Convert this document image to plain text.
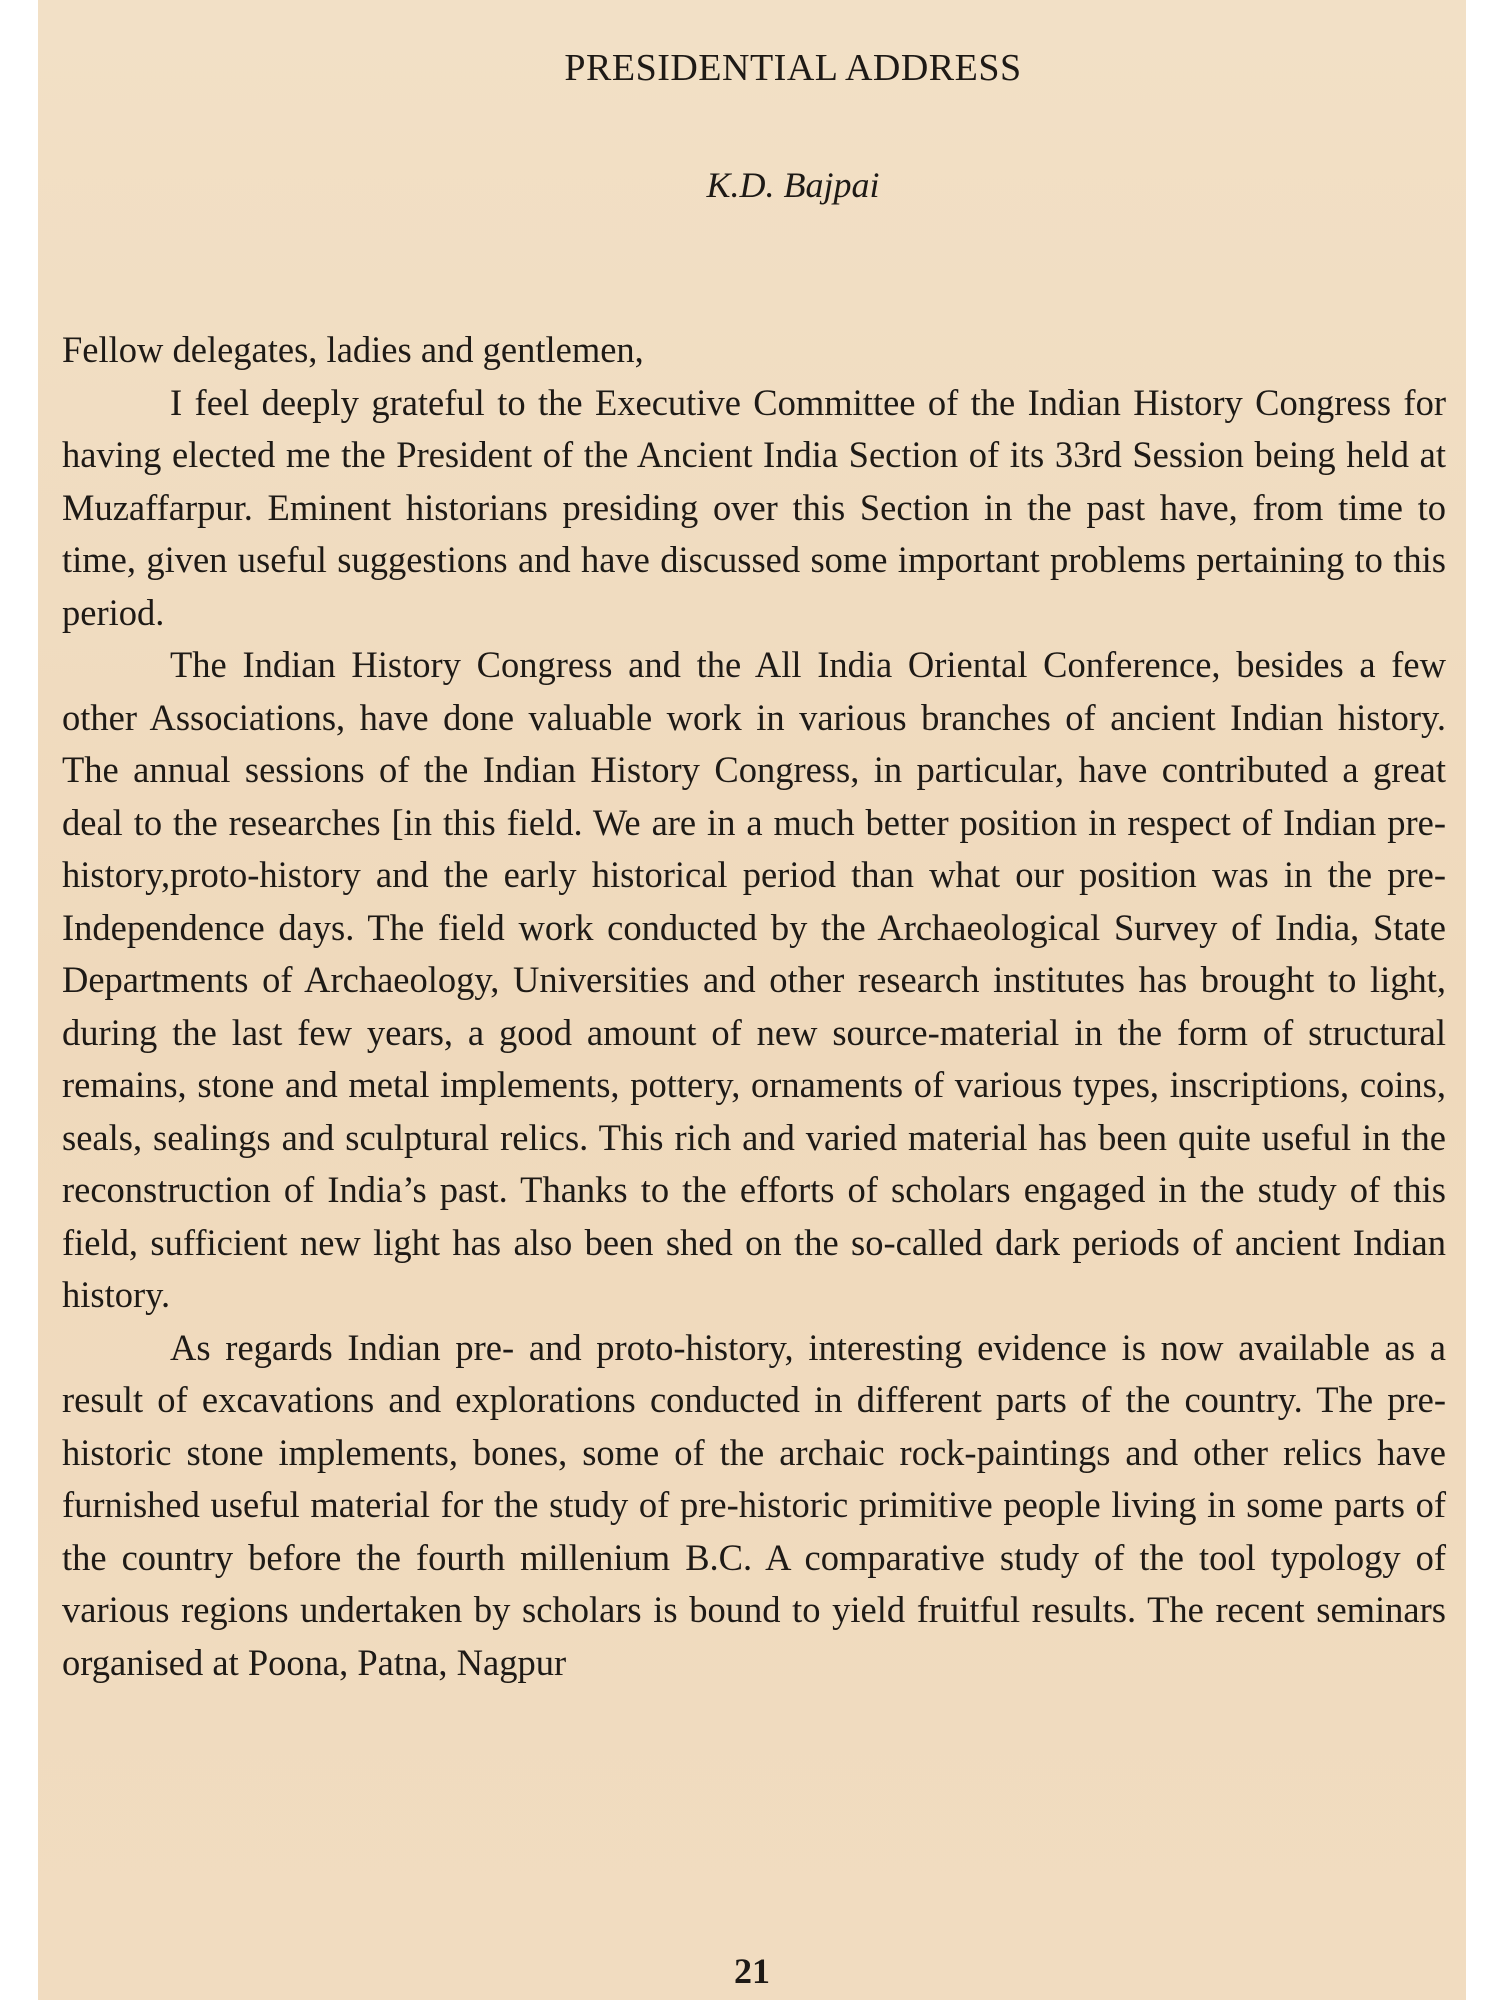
PRESIDENTIAL ADDRESS
K.D. Bajpai

Fellow delegates, ladies and gentlemen,

I feel deeply grateful to the Executive Committee of the Indian History Congress for having elected me the President of the Ancient India Section of its 33rd Session being held at Muzaffarpur. Eminent historians presiding over this Section in the past have, from time to time, given useful suggestions and have discussed some important problems pertaining to this period.

The Indian History Congress and the All India Oriental Conference, besides a few other Associations, have done valuable work in various branches of ancient Indian history. The annual sessions of the Indian History Congress, in particular, have contributed a great deal to the researches [in this field. We are in a much better position in respect of Indian pre-history,proto-history and the early historical period than what our position was in the pre-Independence days. The field work conducted by the Archaeological Survey of India, State Departments of Archaeology, Universities and other research institutes has brought to light, during the last few years, a good amount of new source-material in the form of structural remains, stone and metal implements, pottery, ornaments of various types, inscriptions, coins, seals, sealings and sculptural relics. This rich and varied material has been quite useful in the reconstruction of India’s past. Thanks to the efforts of scholars engaged in the study of this field, sufficient new light has also been shed on the so-called dark periods of ancient Indian history.

As regards Indian pre- and proto-history, interesting evidence is now available as a result of excavations and explorations conducted in different parts of the country. The pre-historic stone implements, bones, some of the archaic rock-paintings and other relics have furnished useful material for the study of pre-historic primitive people living in some parts of the country before the fourth millenium B.C. A comparative study of the tool typology of various regions undertaken by scholars is bound to yield fruitful results. The recent seminars organised at Poona, Patna, Nagpur

21
